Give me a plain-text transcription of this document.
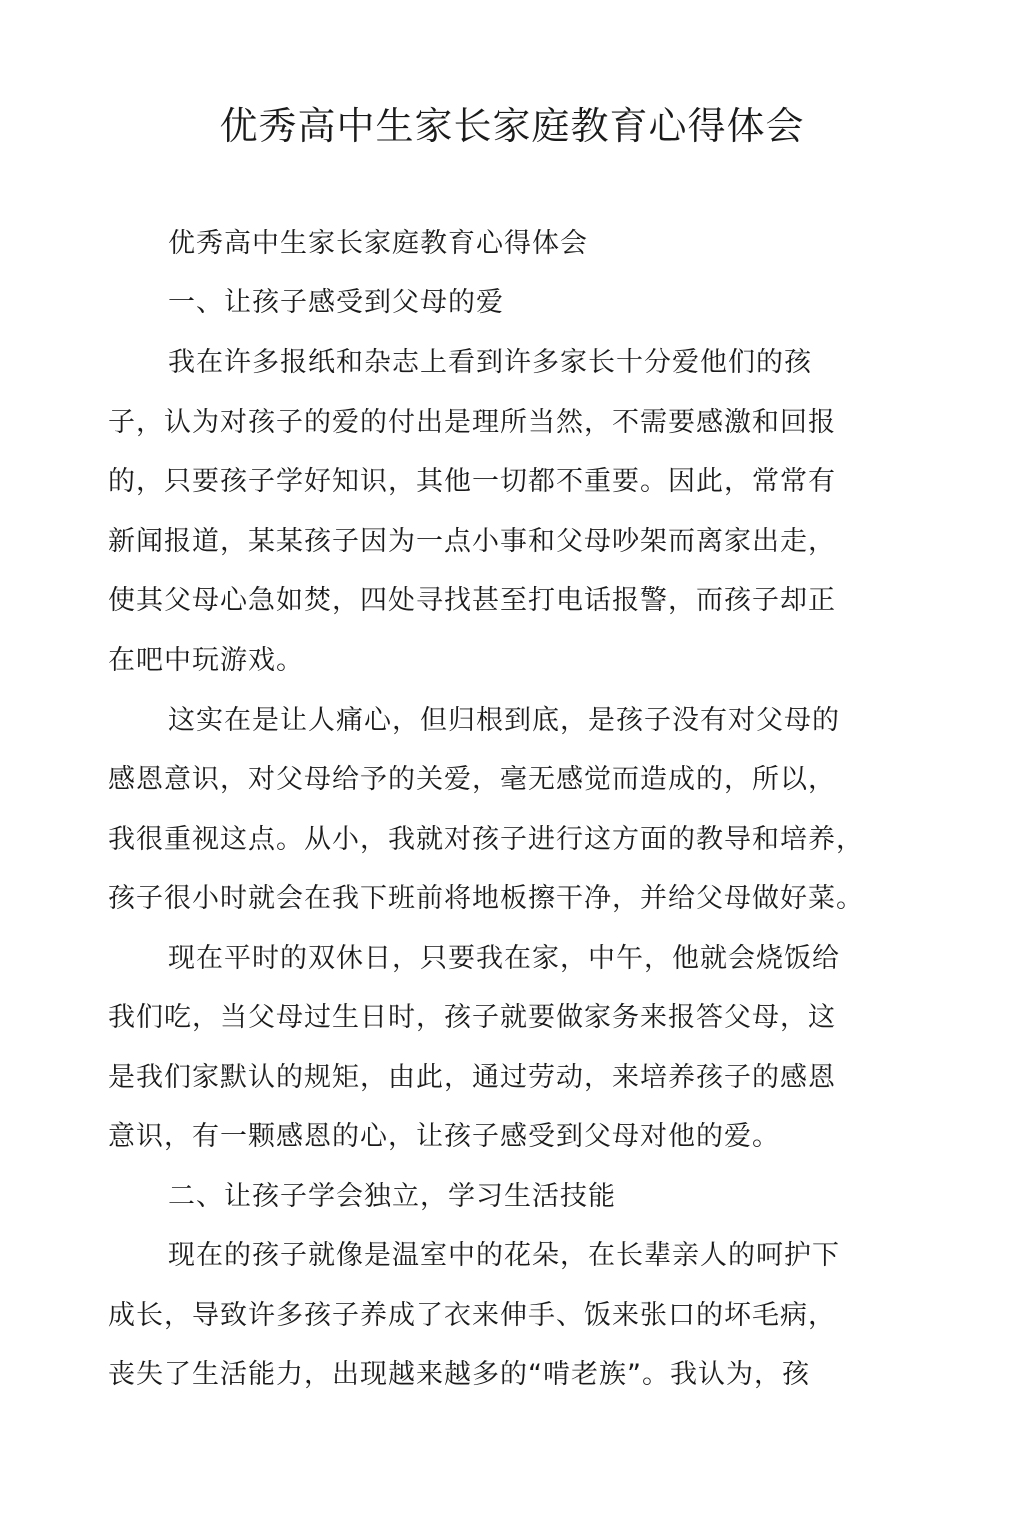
优秀高中生家长家庭教育心得体会
优秀高中生家长家庭教育心得体会
一、让孩子感受到父母的爱
我在许多报纸和杂志上看到许多家长十分爱他们的孩
子，认为对孩子的爱的付出是理所当然，不需要感激和回报
的，只要孩子学好知识，其他一切都不重要。因此，常常有
新闻报道，某某孩子因为一点小事和父母吵架而离家出走，
使其父母心急如焚，四处寻找甚至打电话报警，而孩子却正
在吧中玩游戏。
这实在是让人痛心，但归根到底，是孩子没有对父母的
感恩意识，对父母给予的关爱，毫无感觉而造成的，所以，
我很重视这点。从小，我就对孩子进行这方面的教导和培养，
孩子很小时就会在我下班前将地板擦干净，并给父母做好菜。
现在平时的双休日，只要我在家，中午，他就会烧饭给
我们吃，当父母过生日时，孩子就要做家务来报答父母，这
是我们家默认的规矩，由此，通过劳动，来培养孩子的感恩
意识，有一颗感恩的心，让孩子感受到父母对他的爱。
二、让孩子学会独立，学习生活技能
现在的孩子就像是温室中的花朵，在长辈亲人的呵护下
成长，导致许多孩子养成了衣来伸手、饭来张口的坏毛病，
丧失了生活能力，出现越来越多的“啃老族”。我认为，孩
